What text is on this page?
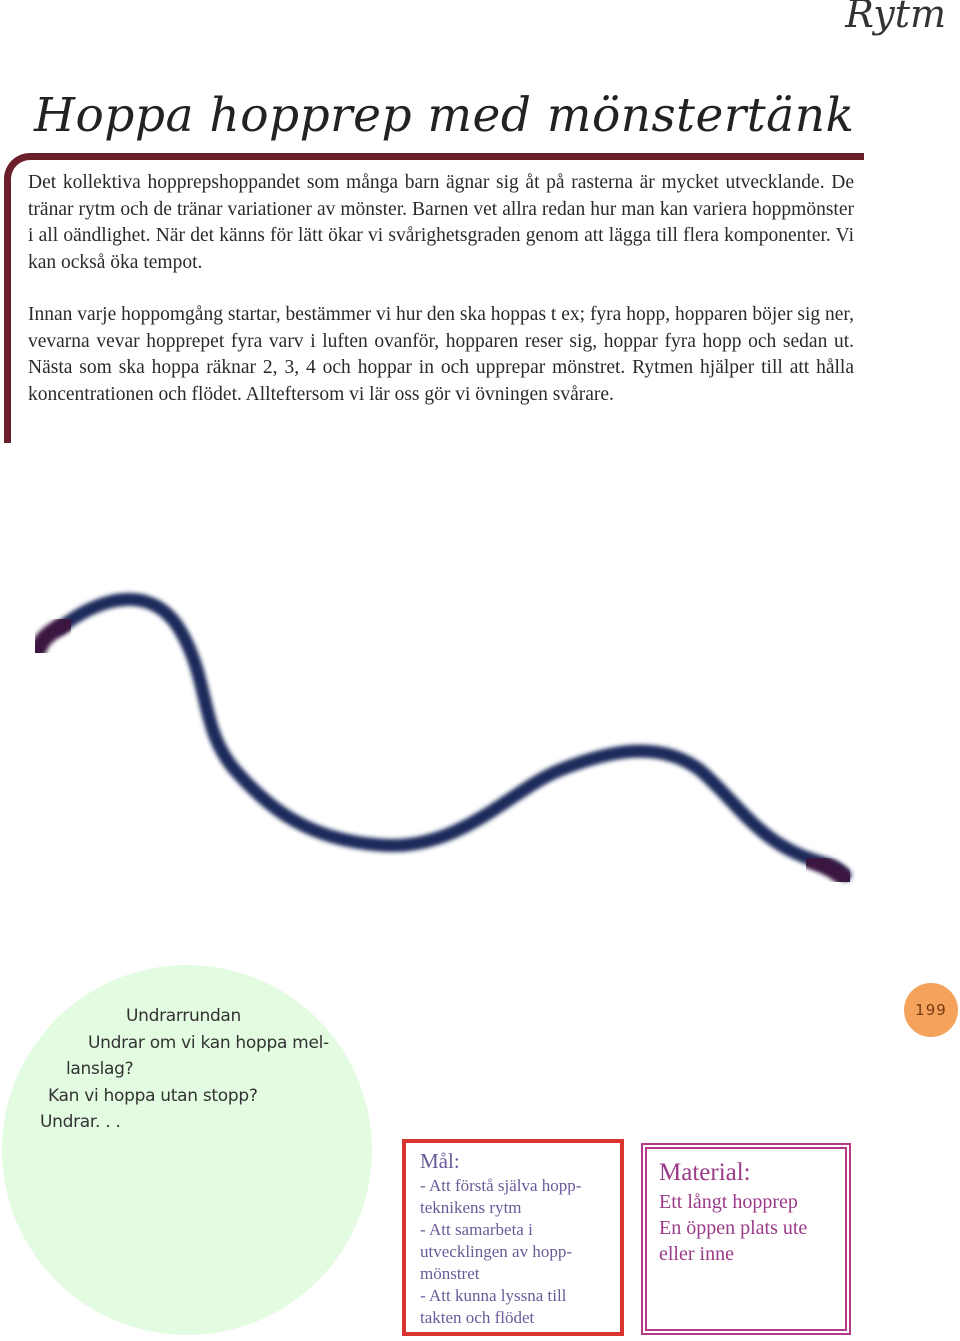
Rytm
Hoppa hopprep med mönstertänk

Det kollektiva hopprepshoppandet som många barn ägnar sig åt på rasterna är mycket utvecklande. De tränar rytm och de tränar variationer av mönster. Barnen vet allra redan hur man kan variera hoppmönster i all oändlighet. När det känns för lätt ökar vi svårighetsgraden genom att lägga till flera komponenter. Vi kan också öka tempot.

Innan varje hoppomgång startar, bestämmer vi hur den ska hoppas t ex; fyra hopp, hopparen böjer sig ner, vevarna vevar hopprepet fyra varv i luften ovanför, hopparen reser sig, hoppar fyra hopp och sedan ut. Nästa som ska hoppa räknar 2, 3, 4 och hoppar in och upprepar mönstret. Rytmen hjälper till att hålla koncentrationen och flödet. Allteftersom vi lär oss gör vi övningen svårare.

199
Undrarrundan
Undrar om vi kan hoppa mel-
lanslag?
Kan vi hoppa utan stopp?
Undrar. . .

Mål:

- Att förstå själva hoppteknikens rytm

- Att samarbeta i utvecklingen av hoppmönstret

- Att kunna lyssna till takten och flödet

Material:

Ett långt hopprep

En öppen plats ute eller inne
